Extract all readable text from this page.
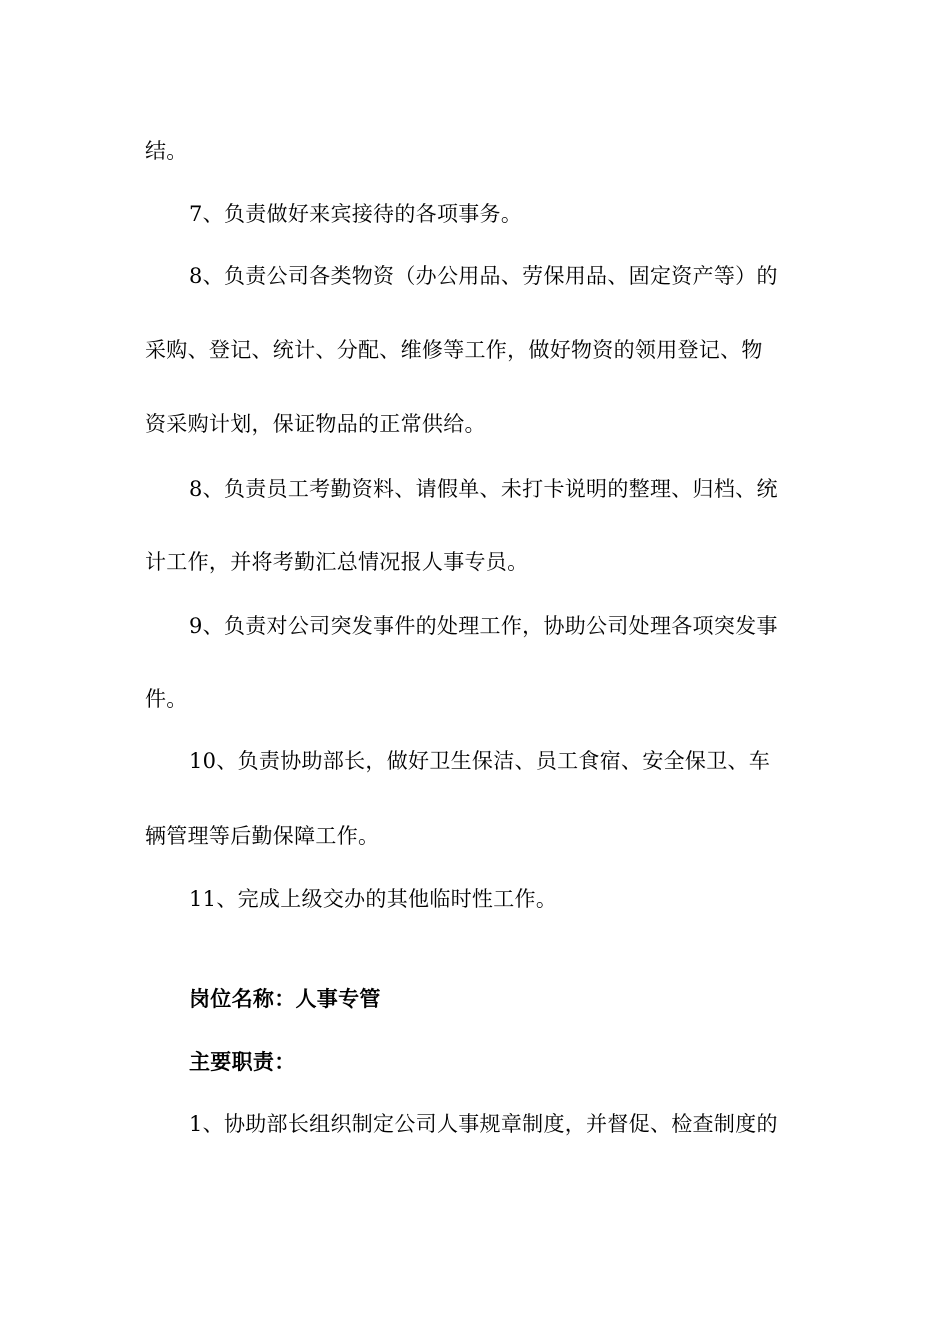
结。
7、负责做好来宾接待的各项事务。
8、负责公司各类物资（办公用品、劳保用品、固定资产等）的
采购、登记、统计、分配、维修等工作，做好物资的领用登记、物
资采购计划，保证物品的正常供给。
8、负责员工考勤资料、请假单、未打卡说明的整理、归档、统
计工作，并将考勤汇总情况报人事专员。
9、负责对公司突发事件的处理工作，协助公司处理各项突发事
件。
10、负责协助部长，做好卫生保洁、员工食宿、安全保卫、车
辆管理等后勤保障工作。
11、完成上级交办的其他临时性工作。
岗位名称：人事专管
主要职责：
1、协助部长组织制定公司人事规章制度，并督促、检查制度的
